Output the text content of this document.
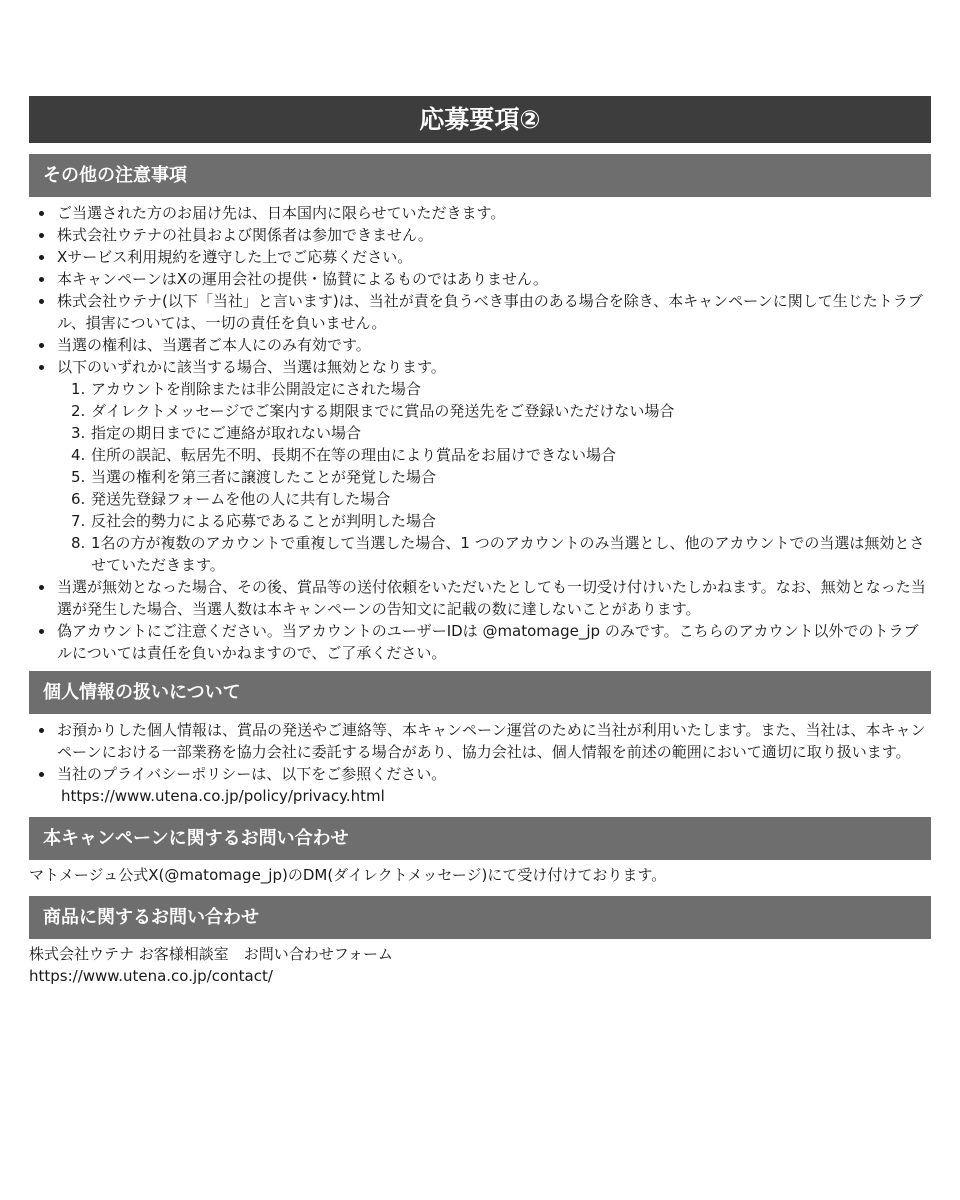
応募要項②
その他の注意事項
ご当選された方のお届け先は、日本国内に限らせていただきます。
株式会社ウテナの社員および関係者は参加できません。
Xサービス利用規約を遵守した上でご応募ください。
本キャンペーンはXの運用会社の提供・協賛によるものではありません。
株式会社ウテナ(以下「当社」と言います)は、当社が責を負うべき事由のある場合を除き、本キャンペーンに関して生じたトラブル、損害については、一切の責任を負いません。
当選の権利は、当選者ご本人にのみ有効です。
以下のいずれかに該当する場合、当選は無効となります。
1. アカウントを削除または非公開設定にされた場合
2. ダイレクトメッセージでご案内する期限までに賞品の発送先をご登録いただけない場合
3. 指定の期日までにご連絡が取れない場合
4. 住所の誤記、転居先不明、長期不在等の理由により賞品をお届けできない場合
5. 当選の権利を第三者に譲渡したことが発覚した場合
6. 発送先登録フォームを他の人に共有した場合
7. 反社会的勢力による応募であることが判明した場合
8. 1名の方が複数のアカウントで重複して当選した場合、1 つのアカウントのみ当選とし、他のアカウントでの当選は無効とさせていただきます。
当選が無効となった場合、その後、賞品等の送付依頼をいただいたとしても一切受け付けいたしかねます。なお、無効となった当選が発生した場合、当選人数は本キャンペーンの告知文に記載の数に達しないことがあります。
偽アカウントにご注意ください。当アカウントのユーザーIDは @matomage_jp のみです。こちらのアカウント以外でのトラブルについては責任を負いかねますので、ご了承ください。
個人情報の扱いについて
お預かりした個人情報は、賞品の発送やご連絡等、本キャンペーン運営のために当社が利用いたします。また、当社は、本キャンペーンにおける一部業務を協力会社に委託する場合があり、協力会社は、個人情報を前述の範囲において適切に取り扱います。
当社のプライバシーポリシーは、以下をご参照ください。
https://www.utena.co.jp/policy/privacy.html
本キャンペーンに関するお問い合わせ
マトメージュ公式X(@matomage_jp)のDM(ダイレクトメッセージ)にて受け付けております。
商品に関するお問い合わせ
株式会社ウテナ お客様相談室　お問い合わせフォーム
https://www.utena.co.jp/contact/
